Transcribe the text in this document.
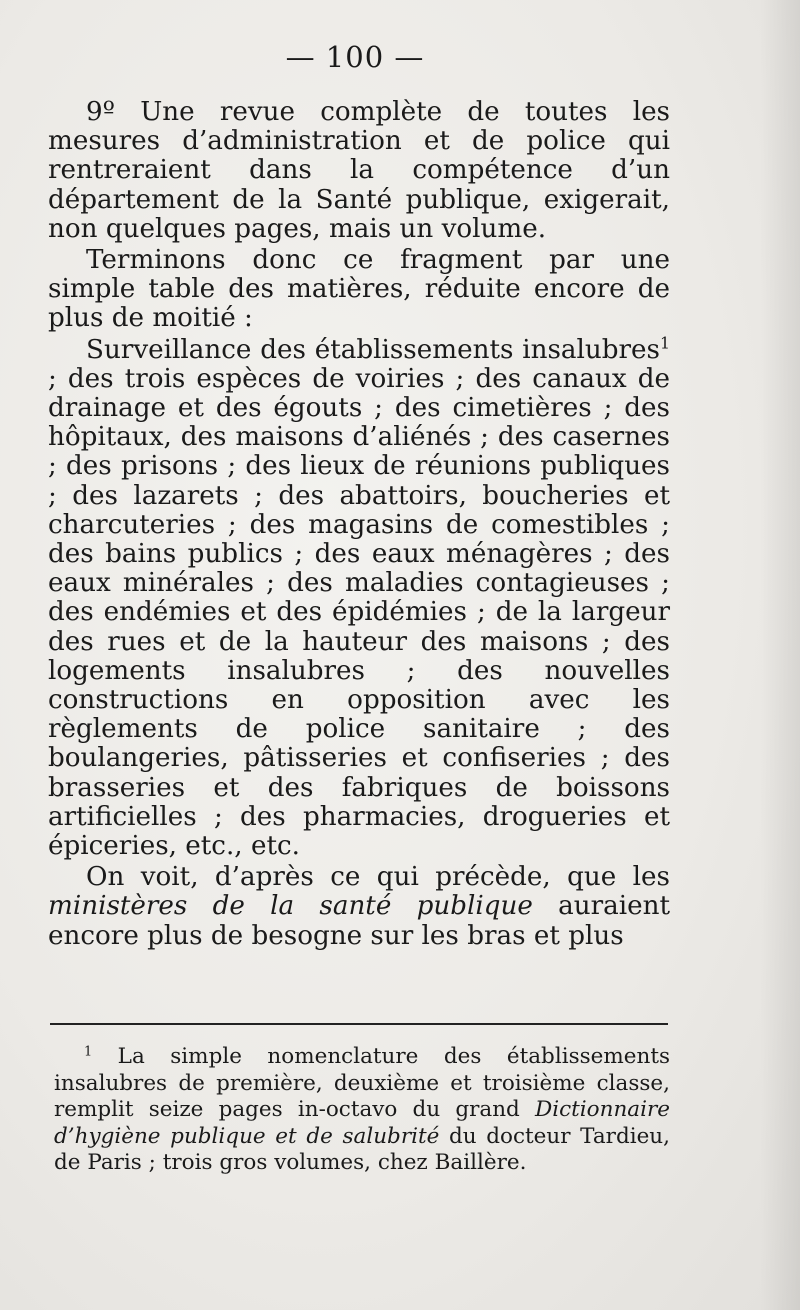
— 100 —

9º Une revue complète de toutes les mesures d’administration et de police qui rentreraient dans la compétence d’un département de la Santé publique, exigerait, non quelques pages, mais un volume.

Terminons donc ce fragment par une simple table des matières, réduite encore de plus de moitié :

Surveillance des établissements insalubres$^1$ ; des trois espèces de voiries ; des canaux de drainage et des égouts ; des cimetières ; des hôpitaux, des maisons d’aliénés ; des casernes ; des prisons ; des lieux de réunions publiques ; des lazarets ; des abattoirs, boucheries et charcuteries ; des magasins de comestibles ; des bains publics ; des eaux ménagères ; des eaux minérales ; des maladies contagieuses ; des endémies et des épidémies ; de la largeur des rues et de la hauteur des maisons ; des logements insalubres ; des nouvelles constructions en opposition avec les règlements de police sanitaire ; des boulangeries, pâtisseries et confiseries ; des brasseries et des fabriques de boissons artificielles ; des pharmacies, drogueries et épiceries, etc., etc.

On voit, d’après ce qui précède, que les ministères de la santé publique auraient encore plus de besogne sur les bras et plus

$^1$ La simple nomenclature des établissements insalubres de première, deuxième et troisième classe, remplit seize pages in-octavo du grand Dictionnaire d’hygiène publique et de salubrité du docteur Tardieu, de Paris ; trois gros volumes, chez Baillère.
